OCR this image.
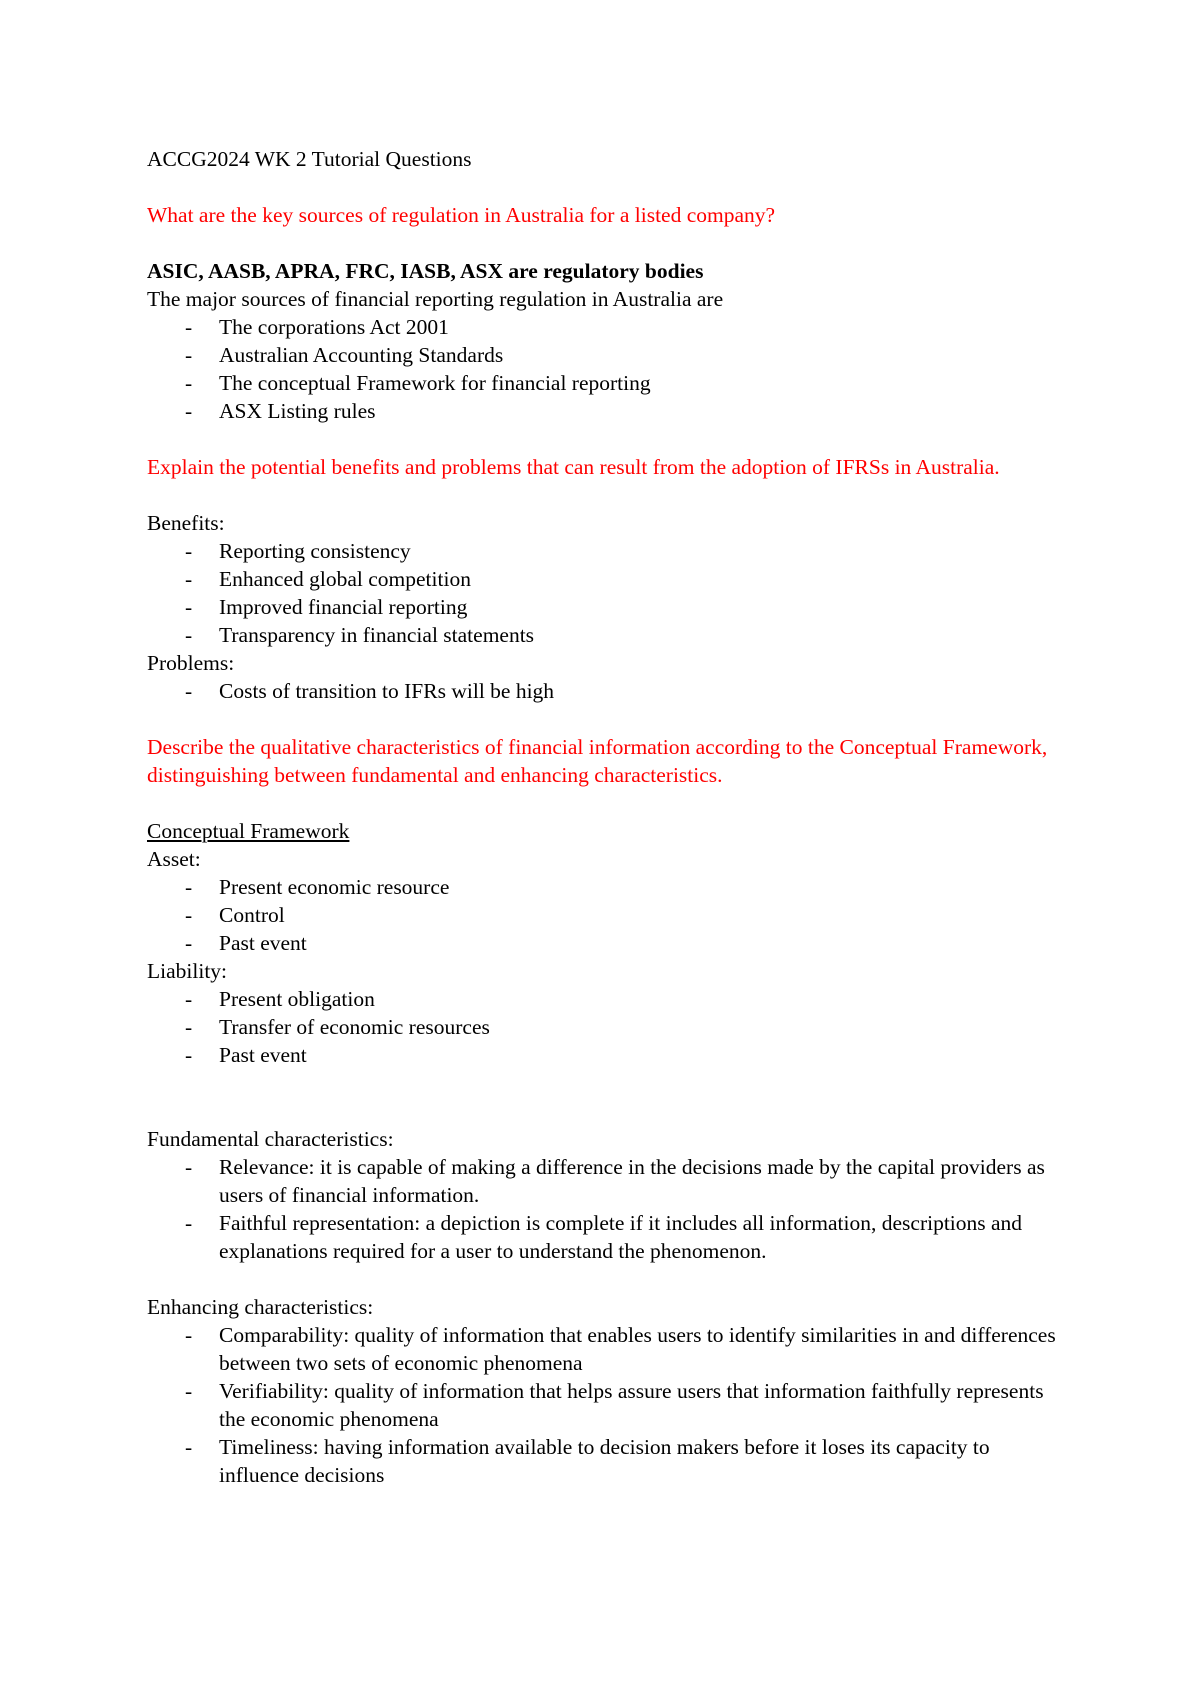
ACCG2024 WK 2 Tutorial Questions

What are the key sources of regulation in Australia for a listed company?

ASIC, AASB, APRA, FRC, IASB, ASX are regulatory bodies

The major sources of financial reporting regulation in Australia are

- The corporations Act 2001
- Australian Accounting Standards
- The conceptual Framework for financial reporting
- ASX Listing rules

Explain the potential benefits and problems that can result from the adoption of IFRSs in Australia.

Benefits:

- Reporting consistency
- Enhanced global competition
- Improved financial reporting
- Transparency in financial statements

Problems:

- Costs of transition to IFRs will be high

Describe the qualitative characteristics of financial information according to the Conceptual Framework, distinguishing between fundamental and enhancing characteristics.

Conceptual Framework

Asset:

- Present economic resource
- Control
- Past event

Liability:

- Present obligation
- Transfer of economic resources
- Past event

Fundamental characteristics:

- Relevance: it is capable of making a difference in the decisions made by the capital providers as users of financial information.
- Faithful representation: a depiction is complete if it includes all information, descriptions and explanations required for a user to understand the phenomenon.

Enhancing characteristics:

- Comparability: quality of information that enables users to identify similarities in and differences between two sets of economic phenomena
- Verifiability: quality of information that helps assure users that information faithfully represents the economic phenomena
- Timeliness: having information available to decision makers before it loses its capacity to influence decisions
